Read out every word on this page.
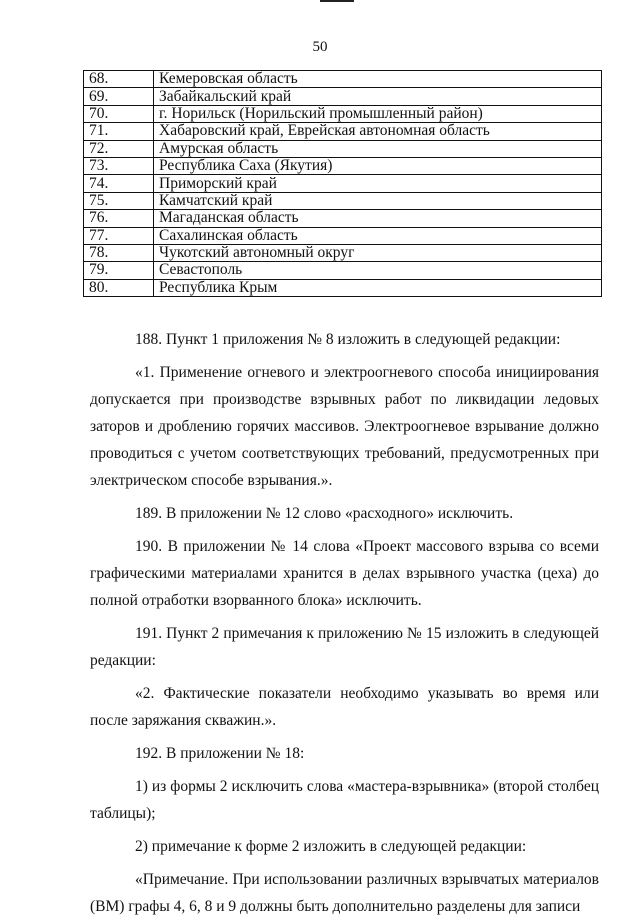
50
68.	Кемеровская область
69.	Забайкальский край
70.	г. Норильск (Норильский промышленный район)
71.	Хабаровский край, Еврейская автономная область
72.	Амурская область
73.	Республика Саха (Якутия)
74.	Приморский край
75.	Камчатский край
76.	Магаданская область
77.	Сахалинская область
78.	Чукотский автономный округ
79.	Севастополь
80.	Республика Крым

188. Пункт 1 приложения № 8 изложить в следующей редакции:

«1. Применение огневого и электроогневого способа инициирования допускается при производстве взрывных работ по ликвидации ледовых заторов и дроблению горячих массивов. Электроогневое взрывание должно проводиться с учетом соответствующих требований, предусмотренных при электрическом способе взрывания.».

189. В приложении № 12 слово «расходного» исключить.

190. В приложении № 14 слова «Проект массового взрыва со всеми графическими материалами хранится в делах взрывного участка (цеха) до полной отработки взорванного блока» исключить.

191. Пункт 2 примечания к приложению № 15 изложить в следующей редакции:

«2. Фактические показатели необходимо указывать во время или после заряжания скважин.».

192. В приложении № 18:

1) из формы 2 исключить слова «мастера-взрывника» (второй столбец таблицы);

2) примечание к форме 2 изложить в следующей редакции:

«Примечание. При использовании различных взрывчатых материалов (ВМ) графы 4, 6, 8 и 9 должны быть дополнительно разделены для записи
